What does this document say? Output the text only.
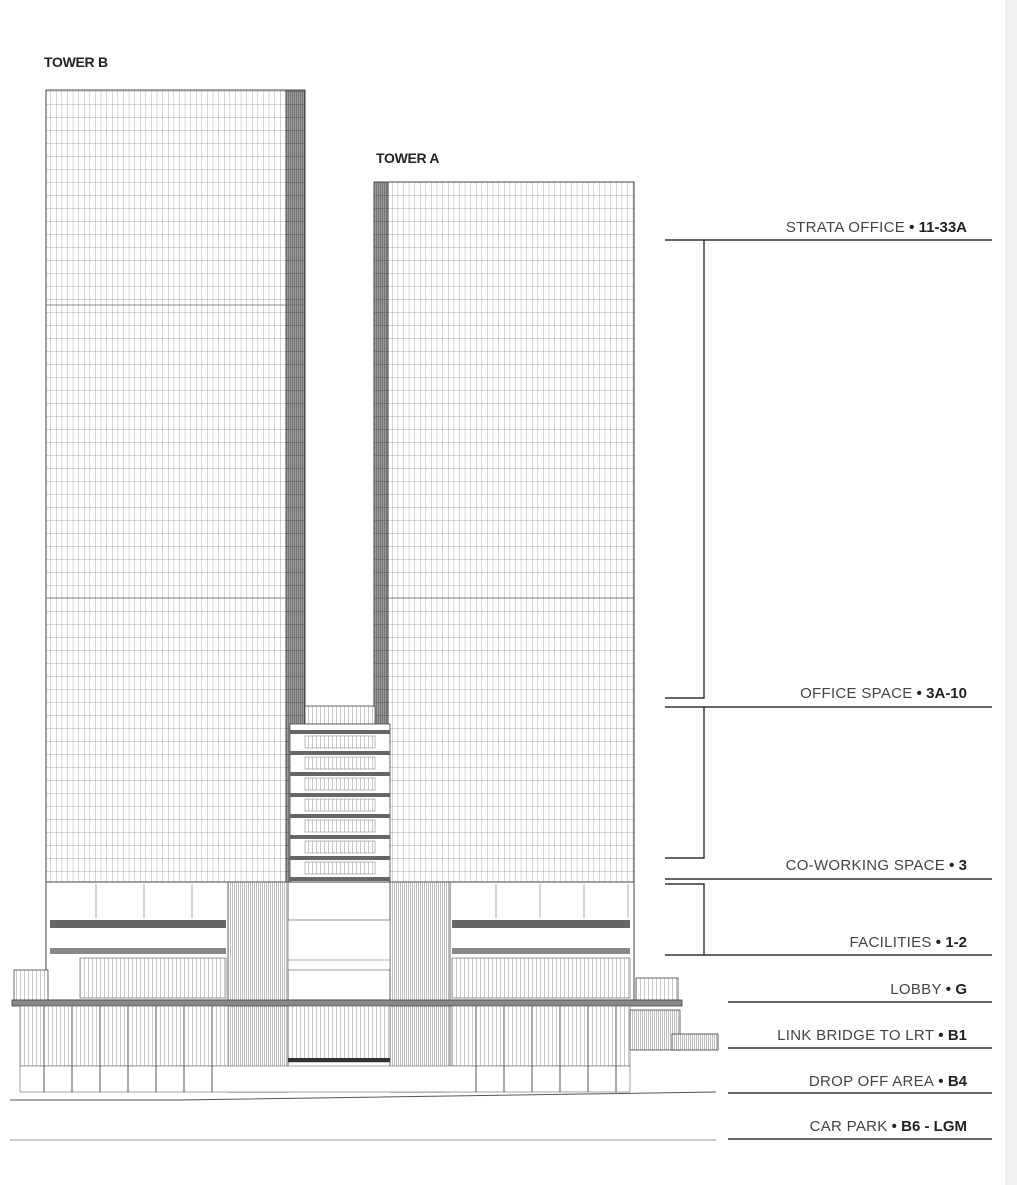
TOWER B
TOWER A
STRATA OFFICE • 11-33A
OFFICE SPACE • 3A-10
CO-WORKING SPACE • 3
FACILITIES • 1-2
LOBBY • G
LINK BRIDGE TO LRT • B1
DROP OFF AREA • B4
CAR PARK • B6 - LGM
